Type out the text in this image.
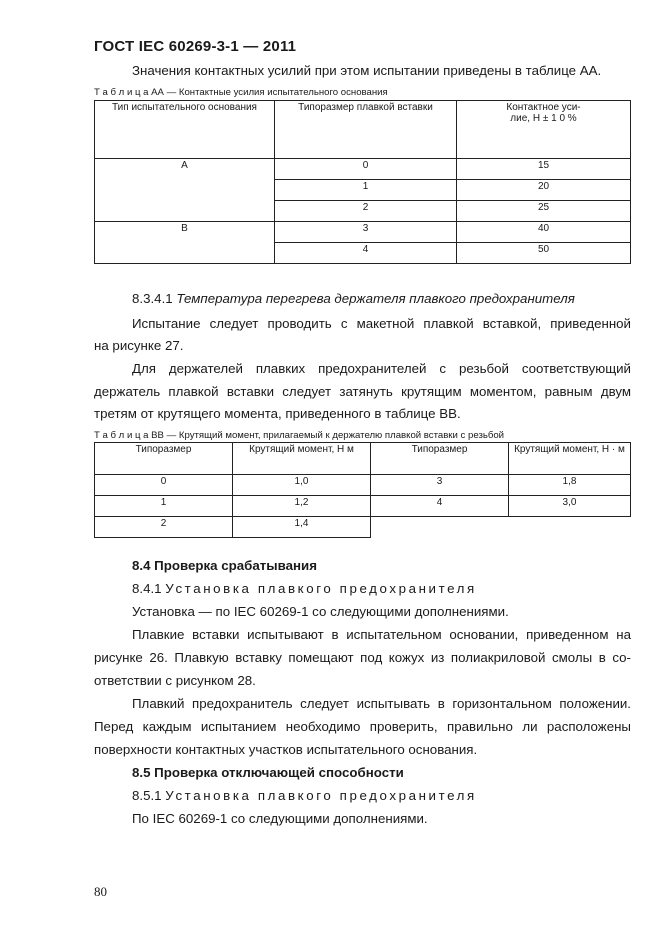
ГОСТ IEC 60269-3-1 — 2011
Значения контактных усилий при этом испытании приведены в таблице АА.
Т а б л и ц а АА — Контактные усилия испытательного основания
Тип испытательного основания	Типоразмер плавкой вставки	Контактное уси-
лие, Н ± 1 0 %

А	0	15
	1	20
	2	25
В	3	40
	4	50
8.3.4.1 Температура перегрева держателя плавкого предохранителя
Испытание следует проводить с макетной плавкой вставкой, приведенной
на рисунке 27.
Для держателей плавких предохранителей с резьбой соответствующий
держатель плавкой вставки следует затянуть крутящим моментом, равным двум
третям от крутящего момента, приведенного в таблице ВВ.
Т а б л и ц а ВВ — Крутящий момент, прилагаемый к держателю плавкой вставки с резьбой
Типоразмер	Крутящий момент, Н м	Типоразмер	Крутящий момент, Н · м
0	1,0	3	1,8
1	1,2	4	3,0
2	1,4		
8.4 Проверка срабатывания
8.4.1 Установка плавкого предохранителя
Установка — по IEC 60269-1 со следующими дополнениями.
Плавкие вставки испытывают в испытательном основании, приведенном на
рисунке 26. Плавкую вставку помещают под кожух из полиакриловой смолы в со-
ответствии с рисунком 28.
Плавкий предохранитель следует испытывать в горизонтальном положении.
Перед каждым испытанием необходимо проверить, правильно ли расположены
поверхности контактных участков испытательного основания.
8.5 Проверка отключающей способности
8.5.1 Установка плавкого предохранителя
По IEC 60269-1 со следующими дополнениями.
80
